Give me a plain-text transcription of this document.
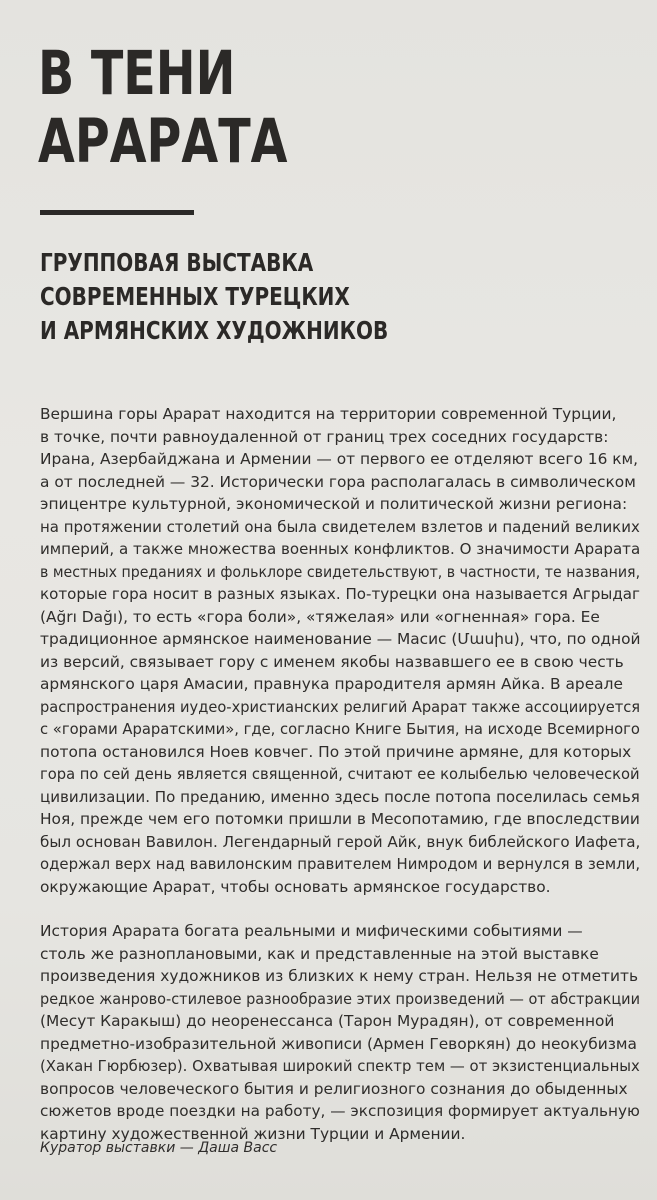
В ТЕНИ
АРАРАТА
ГРУППОВАЯ ВЫСТАВКА
СОВРЕМЕННЫХ ТУРЕЦКИХ
И АРМЯНСКИХ ХУДОЖНИКОВ

Вершина горы Арарат находится на территории современной Турции,
в точке, почти равноудаленной от границ трех соседних государств:
Ирана, Азербайджана и Армении — от первого ее отделяют всего 16 км,
а от последней — 32. Исторически гора располагалась в символическом
эпицентре культурной, экономической и политической жизни региона:
на протяжении столетий она была свидетелем взлетов и падений великих
империй, а также множества военных конфликтов. О значимости Арарата
в местных преданиях и фольклоре свидетельствуют, в частности, те названия,
которые гора носит в разных языках. По-турецки она называется Агрыдаг
(Ağrı Dağı), то есть «гора боли», «тяжелая» или «огненная» гора. Ее
традиционное армянское наименование — Масис (Մասիս), что, по одной
из версий, связывает гору с именем якобы назвавшего ее в свою честь
армянского царя Амасии, правнука прародителя армян Айка. В ареале
распространения иудео-христианских религий Арарат также ассоциируется
с «горами Араратскими», где, согласно Книге Бытия, на исходе Всемирного
потопа остановился Ноев ковчег. По этой причине армяне, для которых
гора по сей день является священной, считают ее колыбелью человеческой
цивилизации. По преданию, именно здесь после потопа поселилась семья
Ноя, прежде чем его потомки пришли в Месопотамию, где впоследствии
был основан Вавилон. Легендарный герой Айк, внук библейского Иафета,
одержал верх над вавилонским правителем Нимродом и вернулся в земли,
окружающие Арарат, чтобы основать армянское государство.

История Арарата богата реальными и мифическими событиями —
столь же разноплановыми, как и представленные на этой выставке
произведения художников из близких к нему стран. Нельзя не отметить
редкое жанрово-стилевое разнообразие этих произведений — от абстракции
(Месут Каракыш) до неоренессанса (Тарон Мурадян), от современной
предметно-изобразительной живописи (Армен Геворкян) до неокубизма
(Хакан Гюрбюзер). Охватывая широкий спектр тем — от экзистенциальных
вопросов человеческого бытия и религиозного сознания до обыденных
сюжетов вроде поездки на работу, — экспозиция формирует актуальную
картину художественной жизни Турции и Армении.

Куратор выставки — Даша Васс
